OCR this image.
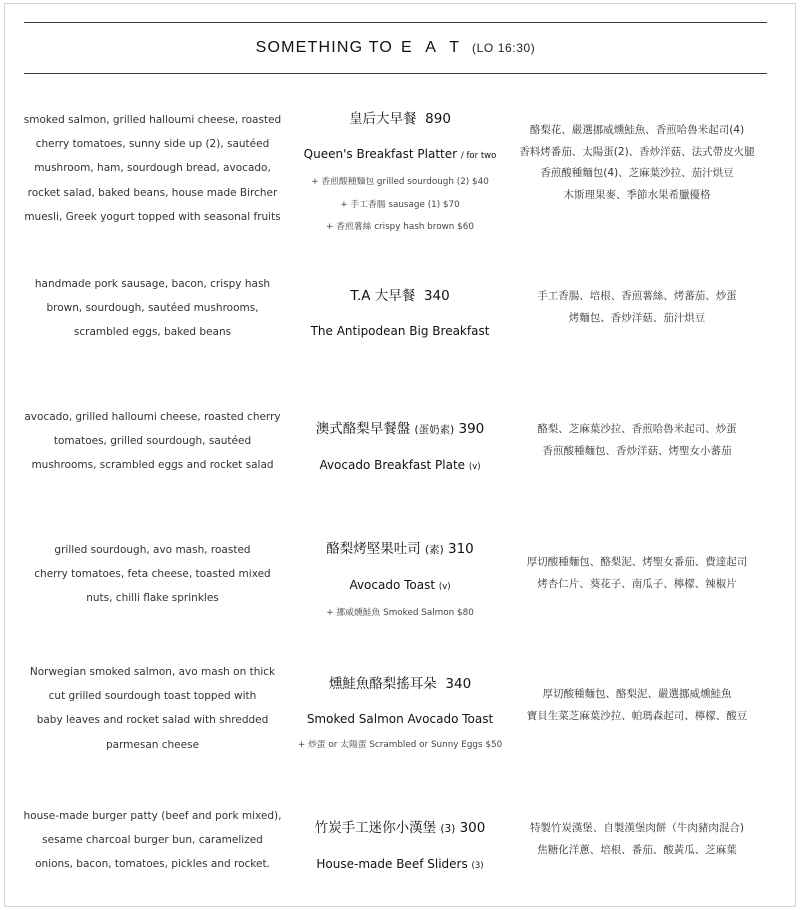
SOMETHING TO E A T (LO 16:30)
smoked salmon, grilled halloumi cheese, roasted
cherry tomatoes, sunny side up (2), sautéed
mushroom, ham, sourdough bread, avocado,
rocket salad, baked beans, house made Bircher
muesli, Greek yogurt topped with seasonal fruits
皇后大早餐 890
Queen's Breakfast Platter / for two
+ 香煎酸種麵包 grilled sourdough (2) $40
+ 手工香腸 sausage (1) $70
+ 香煎薯絲 crispy hash brown $60
酪梨花、嚴選挪威燻鮭魚、香煎哈魯米起司(4)
香料烤番茄、太陽蛋(2)、香炒洋菇、法式帶皮火腿
香煎酸種麵包(4)、芝麻葉沙拉、茄汁烘豆
木斯理果麥、季節水果希臘優格
handmade pork sausage, bacon, crispy hash
brown, sourdough, sautéed mushrooms,
scrambled eggs, baked beans
T.A 大早餐 340
The Antipodean Big Breakfast
手工香腸、培根、香煎薯絲、烤蕃茄、炒蛋
烤麵包、香炒洋菇、茄汁烘豆
avocado, grilled halloumi cheese, roasted cherry
tomatoes, grilled sourdough, sautéed
mushrooms, scrambled eggs and rocket salad
澳式酪梨早餐盤 (蛋奶素) 390
Avocado Breakfast Plate (v)
酪梨、芝麻葉沙拉、香煎哈魯米起司、炒蛋
香煎酸種麵包、香炒洋菇、烤聖女小蕃茄
grilled sourdough, avo mash, roasted
cherry tomatoes, feta cheese, toasted mixed
nuts, chilli flake sprinkles
酪梨烤堅果吐司 (素) 310
Avocado Toast (v)
+ 挪威燻鮭魚 Smoked Salmon $80
厚切酸種麵包、酪梨泥、烤聖女番茄、費達起司
烤杏仁片、葵花子、南瓜子、檸檬、辣椒片
Norwegian smoked salmon, avo mash on thick
cut grilled sourdough toast topped with
baby leaves and rocket salad with shredded
parmesan cheese
燻鮭魚酪梨搖耳朵 340
Smoked Salmon Avocado Toast
+ 炒蛋 or 太陽蛋 Scrambled or Sunny Eggs $50
厚切酸種麵包、酪梨泥、嚴選挪威燻鮭魚
寶貝生菜芝麻葉沙拉、帕瑪森起司、檸檬、酸豆
house-made burger patty (beef and pork mixed),
sesame charcoal burger bun, caramelized
onions, bacon, tomatoes, pickles and rocket.
竹炭手工迷你小漢堡 (3) 300
House-made Beef Sliders (3)
特製竹炭漢堡、自製漢堡肉餅（牛肉豬肉混合)
焦糖化洋蔥、培根、番茄、酸黃瓜、芝麻葉
